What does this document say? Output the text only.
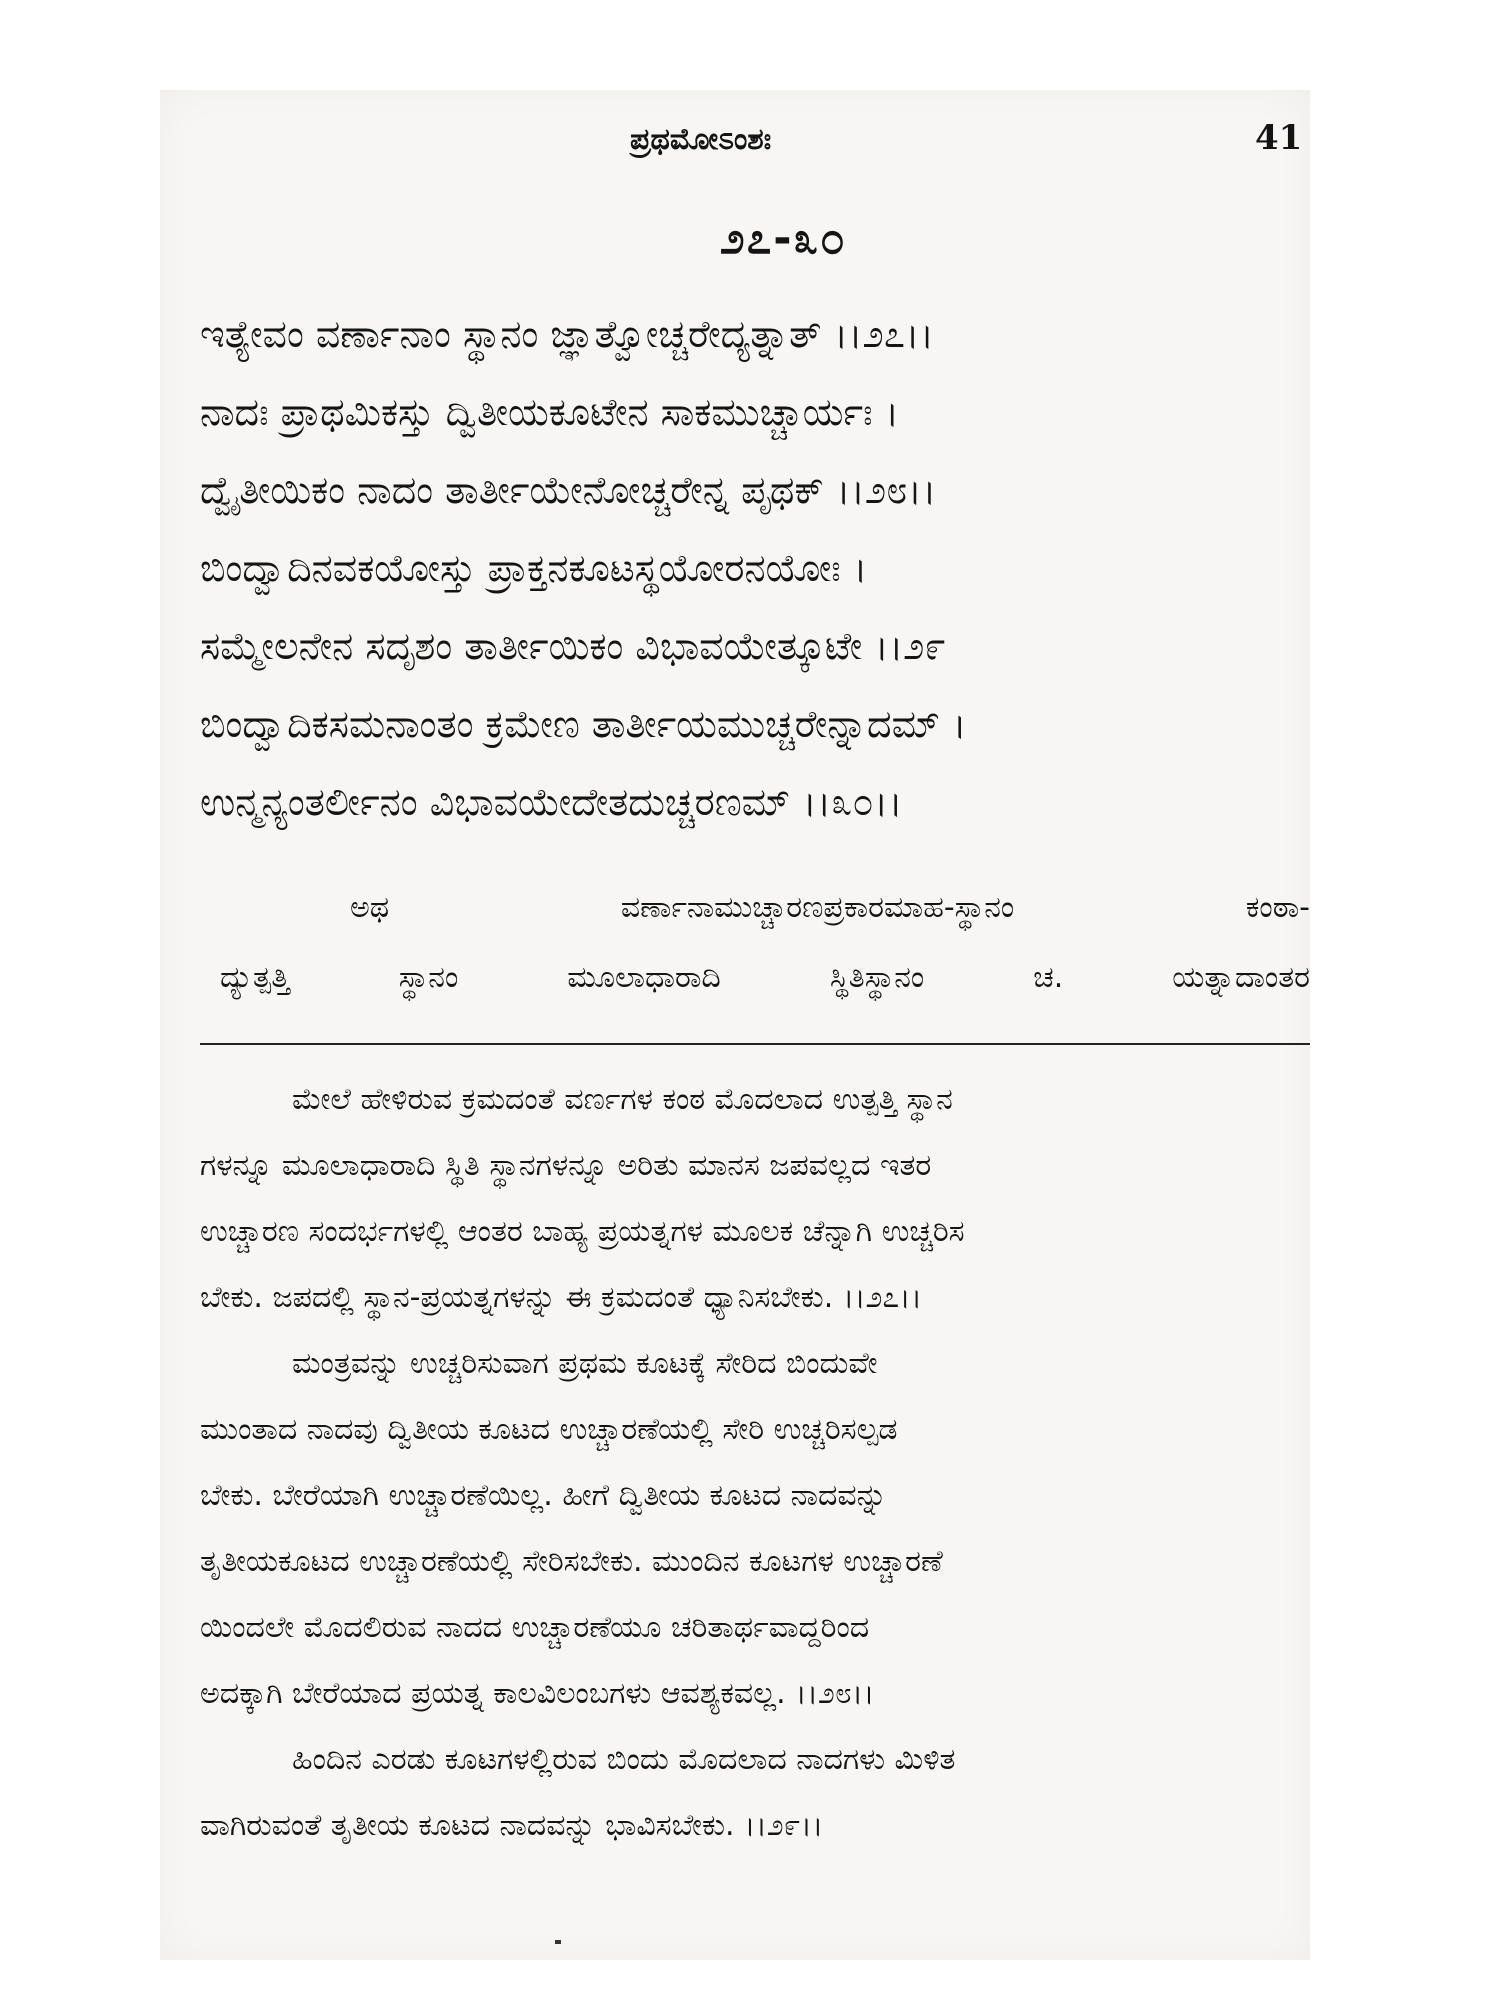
ಪ್ರಥಮೋಽಂಶಃ	41
೨೭-೩೦

ಇತ್ಯೇವಂ ವರ್ಣಾನಾಂ ಸ್ಥಾನಂ ಜ್ಞಾತ್ವೋಚ್ಚರೇದ್ಯತ್ನಾತ್ ।।೨೭।।

ನಾದಃ ಪ್ರಾಥಮಿಕಸ್ತು ದ್ವಿತೀಯಕೂಟೇನ ಸಾಕಮುಚ್ಚಾರ್ಯಃ ।

ದ್ವೈತೀಯಿಕಂ ನಾದಂ ತಾರ್ತೀಯೇನೋಚ್ಚರೇನ್ನ ಪೃಥಕ್ ।।೨೮।।

ಬಿಂದ್ವಾದಿನವಕಯೋಸ್ತು ಪ್ರಾಕ್ತನಕೂಟಸ್ಥಯೋರನಯೋಃ ।

ಸಮ್ಮೇಲನೇನ ಸದೃಶಂ ತಾರ್ತೀಯಿಕಂ ವಿಭಾವಯೇತ್ಕೂಟೇ ।।೨೯

ಬಿಂದ್ವಾದಿಕಸಮನಾಂತಂ ಕ್ರಮೇಣ ತಾರ್ತೀಯಮುಚ್ಚರೇನ್ನಾದಮ್ ।

ಉನ್ಮನ್ಯಂತರ್ಲೀನಂ ವಿಭಾವಯೇದೇತದುಚ್ಚರಣಮ್ ।।೩೦।।

ಅಥ	ವರ್ಣಾನಾಮುಚ್ಚಾರಣಪ್ರಕಾರಮಾಹ-ಸ್ಥಾನಂ	ಕಂಠಾ-
ದ್ಯುತ್ಪತ್ತಿ	ಸ್ಥಾನಂ	ಮೂಲಾಧಾರಾದಿ	ಸ್ಥಿತಿಸ್ಥಾನಂ	ಚ.	ಯತ್ನಾದಾಂತರ

ಮೇಲೆ ಹೇಳಿರುವ ಕ್ರಮದಂತೆ ವರ್ಣಗಳ ಕಂಠ ಮೊದಲಾದ ಉತ್ಪತ್ತಿ ಸ್ಥಾನ

ಗಳನ್ನೂ ಮೂಲಾಧಾರಾದಿ ಸ್ಥಿತಿ ಸ್ಥಾನಗಳನ್ನೂ ಅರಿತು ಮಾನಸ ಜಪವಲ್ಲದ ಇತರ

ಉಚ್ಚಾರಣ ಸಂದರ್ಭಗಳಲ್ಲಿ ಆಂತರ ಬಾಹ್ಯ ಪ್ರಯತ್ನಗಳ ಮೂಲಕ ಚೆನ್ನಾಗಿ ಉಚ್ಚರಿಸ

ಬೇಕು. ಜಪದಲ್ಲಿ ಸ್ಥಾನ-ಪ್ರಯತ್ನಗಳನ್ನು ಈ ಕ್ರಮದಂತೆ ಧ್ಯಾನಿಸಬೇಕು. ।।೨೭।।

ಮಂತ್ರವನ್ನು ಉಚ್ಚರಿಸುವಾಗ ಪ್ರಥಮ ಕೂಟಕ್ಕೆ ಸೇರಿದ ಬಿಂದುವೇ

ಮುಂತಾದ ನಾದವು ದ್ವಿತೀಯ ಕೂಟದ ಉಚ್ಚಾರಣೆಯಲ್ಲಿ ಸೇರಿ ಉಚ್ಚರಿಸಲ್ಪಡ

ಬೇಕು. ಬೇರೆಯಾಗಿ ಉಚ್ಚಾರಣೆಯಿಲ್ಲ. ಹೀಗೆ ದ್ವಿತೀಯ ಕೂಟದ ನಾದವನ್ನು

ತೃತೀಯಕೂಟದ ಉಚ್ಚಾರಣೆಯಲ್ಲಿ ಸೇರಿಸಬೇಕು. ಮುಂದಿನ ಕೂಟಗಳ ಉಚ್ಚಾರಣೆ

ಯಿಂದಲೇ ಮೊದಲಿರುವ ನಾದದ ಉಚ್ಚಾರಣೆಯೂ ಚರಿತಾರ್ಥವಾದ್ದರಿಂದ

ಅದಕ್ಕಾಗಿ ಬೇರೆಯಾದ ಪ್ರಯತ್ನ ಕಾಲವಿಲಂಬಗಳು ಆವಶ್ಯಕವಲ್ಲ. ।।೨೮।।

ಹಿಂದಿನ ಎರಡು ಕೂಟಗಳಲ್ಲಿರುವ ಬಿಂದು ಮೊದಲಾದ ನಾದಗಳು ಮಿಳಿತ

ವಾಗಿರುವಂತೆ ತೃತೀಯ ಕೂಟದ ನಾದವನ್ನು ಭಾವಿಸಬೇಕು. ।।೨೯।।
